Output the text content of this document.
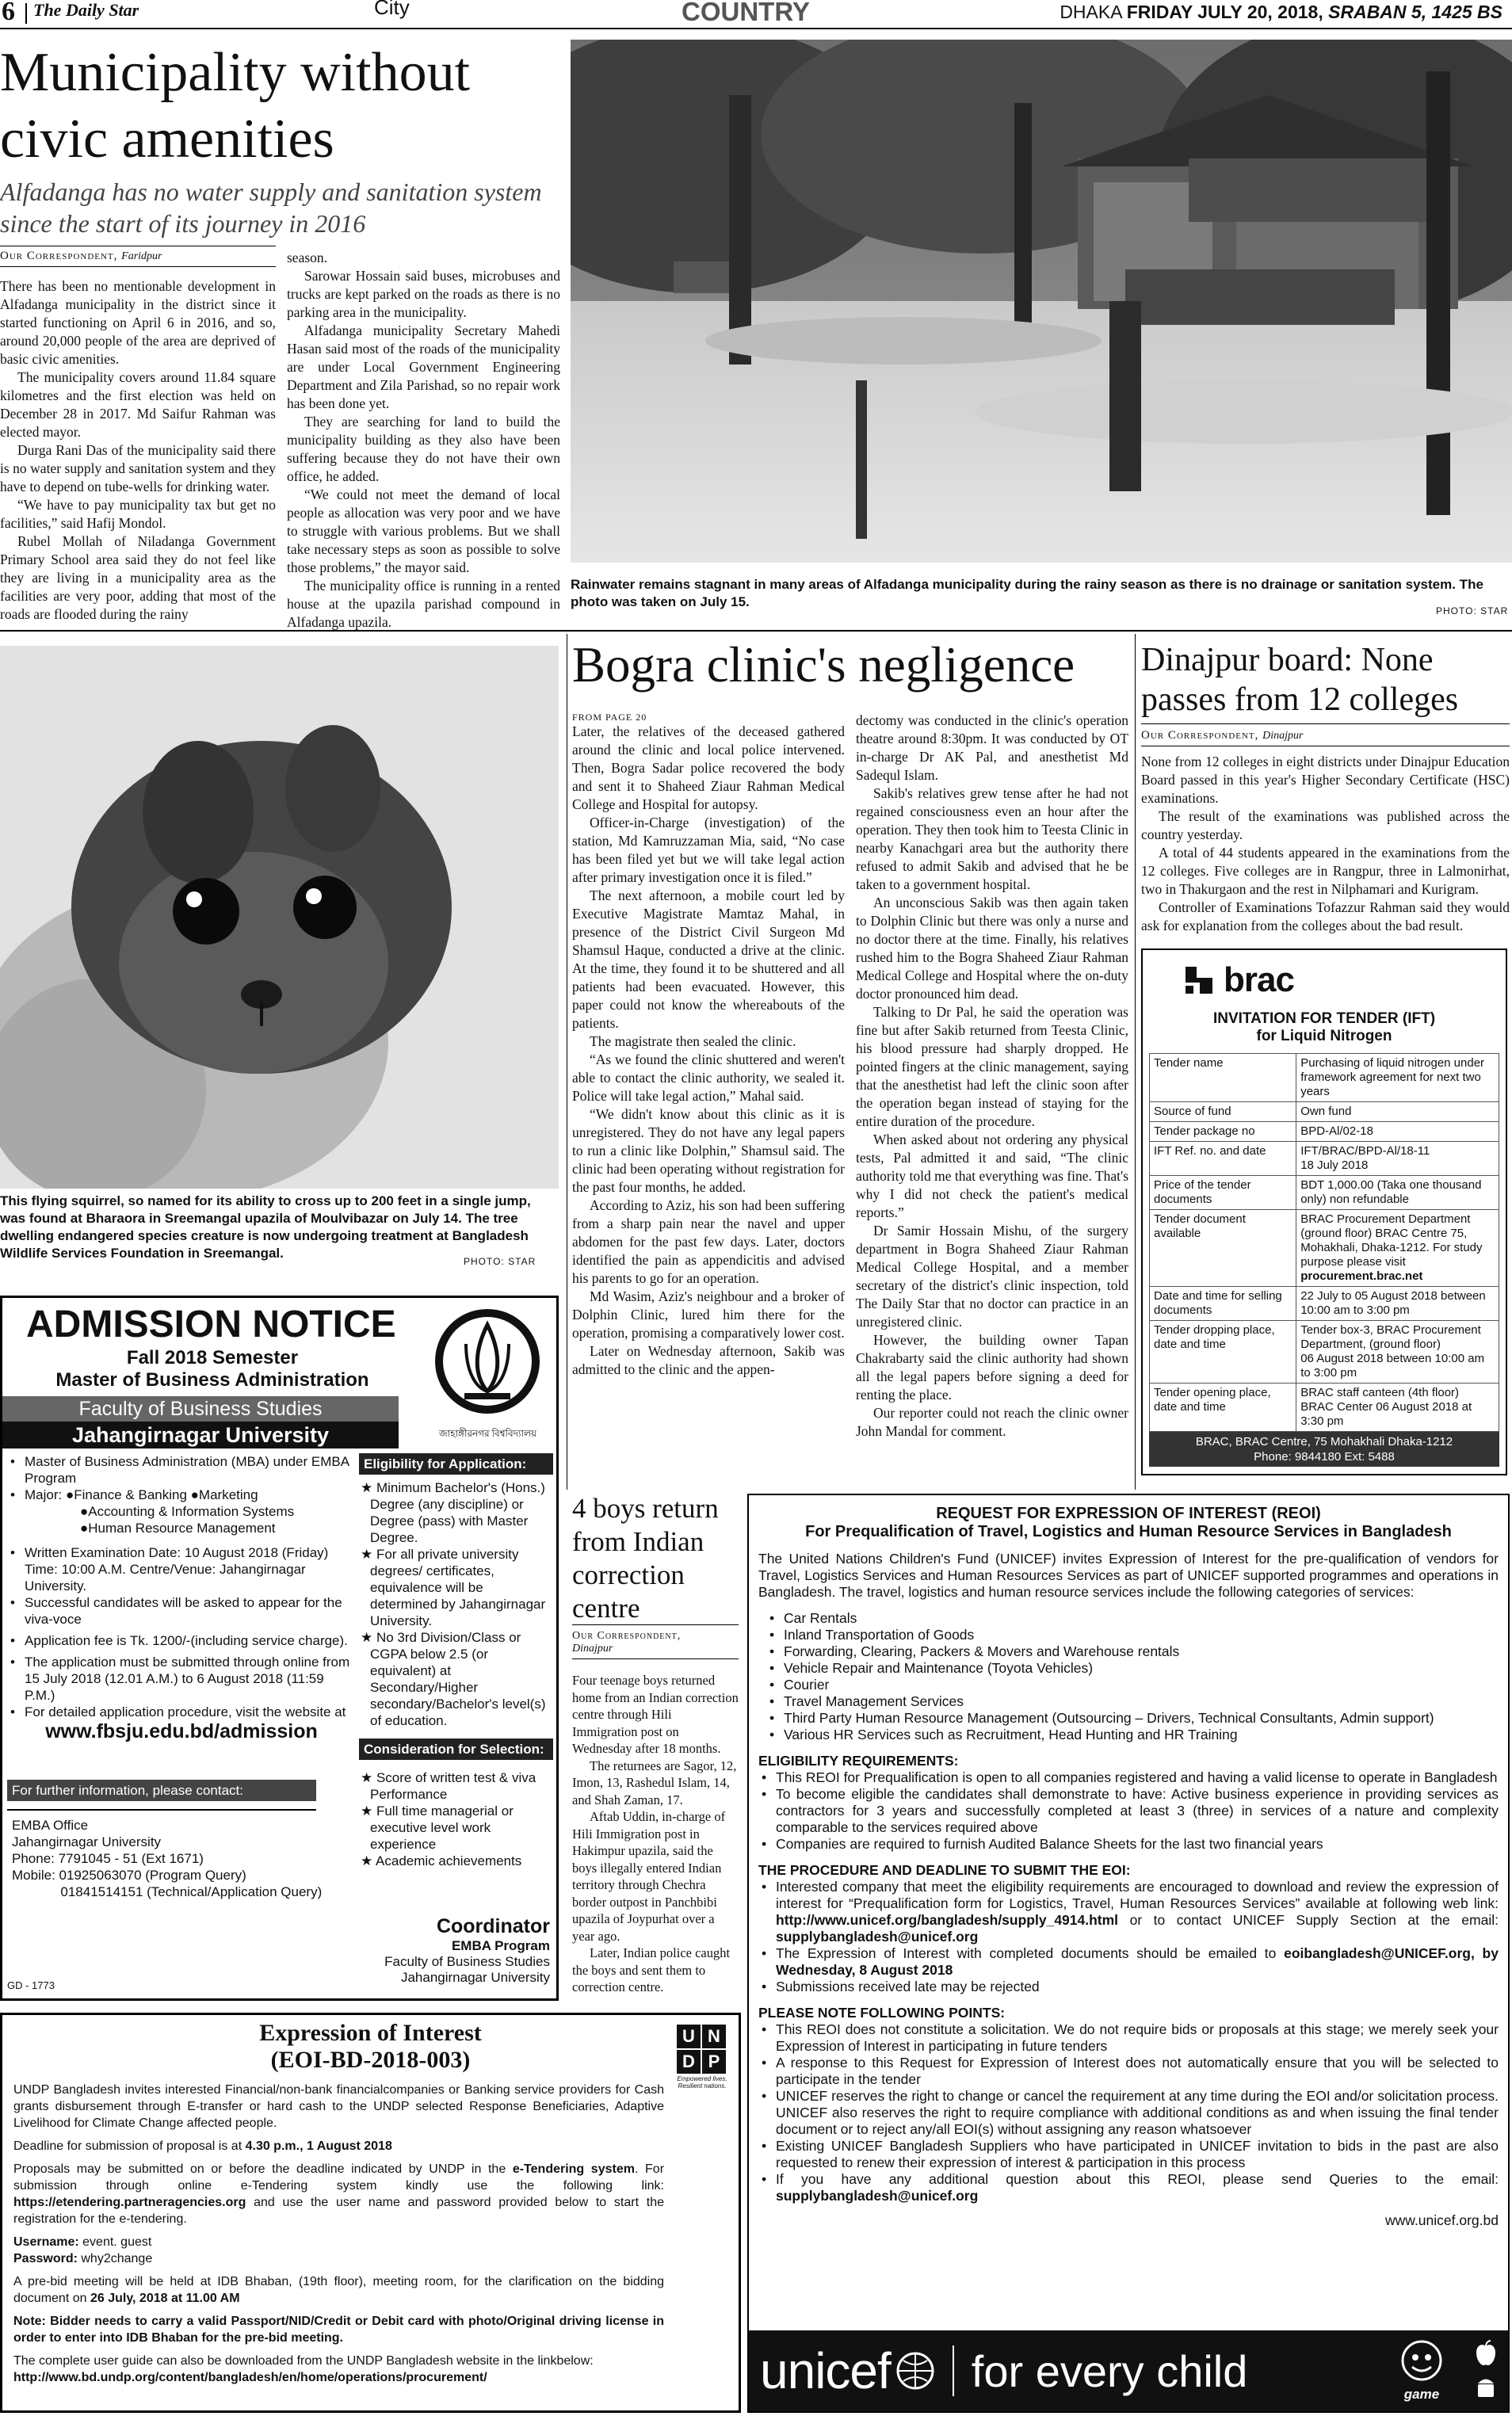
6 The Daily Star	City	COUNTRY	DHAKA FRIDAY JULY 20, 2018, SRABAN 5, 1425 BS
Municipality without civic amenities
Alfadanga has no water supply and sanitation system since the start of its journey in 2016
Our Correspondent, Faridpur

There has been no mentionable development in Alfadanga municipality in the district since it started functioning on April 6 in 2016, and so, around 20,000 people of the area are deprived of basic civic amenities.

The municipality covers around 11.84 square kilometres and the first election was held on December 28 in 2017. Md Saifur Rahman was elected mayor.

Durga Rani Das of the municipality said there is no water supply and sanitation system and they have to depend on tube-wells for drinking water.

“We have to pay municipality tax but get no facilities,” said Hafij Mondol.

Rubel Mollah of Niladanga Government Primary School area said they do not feel like they are living in a municipality area as the facilities are very poor, adding that most of the roads are flooded during the rainy

season.

Sarowar Hossain said buses, microbuses and trucks are kept parked on the roads as there is no parking area in the municipality.

Alfadanga municipality Secretary Mahedi Hasan said most of the roads of the municipality are under Local Government Engineering Department and Zila Parishad, so no repair work has been done yet.

They are searching for land to build the municipality building as they also have been suffering because they do not have their own office, he added.

“We could not meet the demand of local people as allocation was very poor and we have to struggle with various problems. But we shall take necessary steps as soon as possible to solve those problems,” the mayor said.

The municipality office is running in a rented house at the upazila parishad compound in Alfadanga upazila.

Rainwater remains stagnant in many areas of Alfadanga municipality during the rainy season as there is no drainage or sanitation system. The photo was taken on July 15.
PHOTO: STAR
This flying squirrel, so named for its ability to cross up to 200 feet in a single jump, was found at Bharaora in Sreemangal upazila of Moulvibazar on July 14. The tree dwelling endangered species creature is now undergoing treatment at Bangladesh Wildlife Services Foundation in Sreemangal.
PHOTO: STAR
Bogra clinic's negligence
FROM PAGE 20

Later, the relatives of the deceased gathered around the clinic and local police intervened. Then, Bogra Sadar police recovered the body and sent it to Shaheed Ziaur Rahman Medical College and Hospital for autopsy.

Officer-in-Charge (investigation) of the station, Md Kamruzzaman Mia, said, “No case has been filed yet but we will take legal action after primary investigation once it is filed.”

The next afternoon, a mobile court led by Executive Magistrate Mamtaz Mahal, in presence of the District Civil Surgeon Md Shamsul Haque, conducted a drive at the clinic. At the time, they found it to be shuttered and all patients had been evacuated. However, this paper could not know the whereabouts of the patients.

The magistrate then sealed the clinic.

“As we found the clinic shuttered and weren't able to contact the clinic authority, we sealed it. Police will take legal action,” Mahal said.

“We didn't know about this clinic as it is unregistered. They do not have any legal papers to run a clinic like Dolphin,” Shamsul said. The clinic had been operating without registration for the past four months, he added.

According to Aziz, his son had been suffering from a sharp pain near the navel and upper abdomen for the past few days. Later, doctors identified the pain as appendicitis and advised his parents to go for an operation.

Md Wasim, Aziz's neighbour and a broker of Dolphin Clinic, lured him there for the operation, promising a comparatively lower cost.

Later on Wednesday afternoon, Sakib was admitted to the clinic and the appen-

dectomy was conducted in the clinic's operation theatre around 8:30pm. It was conducted by OT in-charge Dr AK Pal, and anesthetist Md Sadequl Islam.

Sakib's relatives grew tense after he had not regained consciousness even an hour after the operation. They then took him to Teesta Clinic in nearby Kanachgari area but the authority there refused to admit Sakib and advised that he be taken to a government hospital.

An unconscious Sakib was then again taken to Dolphin Clinic but there was only a nurse and no doctor there at the time. Finally, his relatives rushed him to the Bogra Shaheed Ziaur Rahman Medical College and Hospital where the on-duty doctor pronounced him dead.

Talking to Dr Pal, he said the operation was fine but after Sakib returned from Teesta Clinic, his blood pressure had sharply dropped. He pointed fingers at the clinic management, saying that the anesthetist had left the clinic soon after the operation began instead of staying for the entire duration of the procedure.

When asked about not ordering any physical tests, Pal admitted it and said, “The clinic authority told me that everything was fine. That's why I did not check the patient's medical reports.”

Dr Samir Hossain Mishu, of the surgery department in Bogra Shaheed Ziaur Rahman Medical College Hospital, and a member secretary of the district's clinic inspection, told The Daily Star that no doctor can practice in an unregistered clinic.

However, the building owner Tapan Chakrabarty said the clinic authority had shown all the legal papers before signing a deed for renting the place.

Our reporter could not reach the clinic owner John Mandal for comment.

Dinajpur board: None passes from 12 colleges
Our Correspondent, Dinajpur

None from 12 colleges in eight districts under Dinajpur Education Board passed in this year's Higher Secondary Certificate (HSC) examinations.

The result of the examinations was published across the country yesterday.

A total of 44 students appeared in the examinations from the 12 colleges. Five colleges are in Rangpur, three in Lalmonirhat, two in Thakurgaon and the rest in Nilphamari and Kurigram.

Controller of Examinations Tofazzur Rahman said they would ask for explanation from the colleges about the bad result.

brac
INVITATION FOR TENDER (IFT)
for Liquid Nitrogen
Tender name	Purchasing of liquid nitrogen under framework agreement for next two years
Source of fund	Own fund
Tender package no	BPD-Al/02-18
IFT Ref. no. and date	IFT/BRAC/BPD-Al/18-11
18 July 2018
Price of the tender documents	BDT 1,000.00 (Taka one thousand only) non refundable
Tender document available	BRAC Procurement Department (ground floor) BRAC Centre 75, Mohakhali, Dhaka-1212. For study purpose please visit procurement.brac.net
Date and time for selling documents	22 July to 05 August 2018 between 10:00 am to 3:00 pm
Tender dropping place, date and time	Tender box-3, BRAC Procurement Department, (ground floor)
06 August 2018 between 10:00 am to 3:00 pm
Tender opening place, date and time	BRAC staff canteen (4th floor) BRAC Center 06 August 2018 at 3:30 pm
BRAC, BRAC Centre, 75 Mohakhali Dhaka-1212
Phone: 9844180 Ext: 5488
ADMISSION NOTICE
Fall 2018 Semester
Master of Business Administration
Faculty of Business Studies
Jahangirnagar University	জাহাঙ্গীরনগর বিশ্ববিদ্যালয়
• Master of Business Administration (MBA) under EMBA Program
• Major: ●Finance & Banking ●Marketing
●Accounting & Information Systems
●Human Resource Management
• Written Examination Date: 10 August 2018 (Friday)
Time: 10:00 A.M. Centre/Venue: Jahangirnagar University.
• Successful candidates will be asked to appear for the viva-voce
• Application fee is Tk. 1200/-(including service charge).
• The application must be submitted through online from 15 July 2018 (12.01 A.M.) to 6 August 2018 (11:59 P.M.)
• For detailed application procedure, visit the website at
www.fbsju.edu.bd/admission
For further information, please contact:
EMBA Office
Jahangirnagar University
Phone: 7791045 - 51 (Ext 1671)
Mobile: 01925063070 (Program Query)
01841514151 (Technical/Application Query)
GD - 1773
Eligibility for Application:
★ Minimum Bachelor's (Hons.) Degree (any discipline) or Degree (pass) with Master Degree.
★ For all private university degrees/ certificates, equivalence will be determined by Jahangirnagar University.
★ No 3rd Division/Class or CGPA below 2.5 (or equivalent) at Secondary/Higher secondary/Bachelor's level(s) of education.
Consideration for Selection:
★ Score of written test & viva Performance
★ Full time managerial or executive level work experience
★ Academic achievements
Coordinator
EMBA Program
Faculty of Business Studies
Jahangirnagar University
4 boys return from Indian correction centre
Our Correspondent,
Dinajpur

Four teenage boys returned home from an Indian correction centre through Hili Immigration post on Wednesday after 18 months.

The returnees are Sagor, 12, Imon, 13, Rashedul Islam, 14, and Shah Zaman, 17.

Aftab Uddin, in-charge of Hili Immigration post in Hakimpur upazila, said the boys illegally entered Indian territory through Chechra border outpost in Panchbibi upazila of Joypurhat over a year ago.

Later, Indian police caught the boys and sent them to correction centre.

REQUEST FOR EXPRESSION OF INTEREST (REOI)
For Prequalification of Travel, Logistics and Human Resource Services in Bangladesh
The United Nations Children's Fund (UNICEF) invites Expression of Interest for the pre-qualification of vendors for Travel, Logistics Services and Human Resources Services as part of UNICEF supported programmes and operations in Bangladesh. The travel, logistics and human resource services include the following categories of services:
• Car Rentals
• Inland Transportation of Goods
• Forwarding, Clearing, Packers & Movers and Warehouse rentals
• Vehicle Repair and Maintenance (Toyota Vehicles)
• Courier
• Travel Management Services
• Third Party Human Resource Management (Outsourcing – Drivers, Technical Consultants, Admin support)
• Various HR Services such as Recruitment, Head Hunting and HR Training
ELIGIBILITY REQUIREMENTS:
• This REOI for Prequalification is open to all companies registered and having a valid license to operate in Bangladesh
• To become eligible the candidates shall demonstrate to have: Active business experience in providing services as contractors for 3 years and successfully completed at least 3 (three) in services of a nature and complexity comparable to the services required above
• Companies are required to furnish Audited Balance Sheets for the last two financial years
THE PROCEDURE AND DEADLINE TO SUBMIT THE EOI:
• Interested company that meet the eligibility requirements are encouraged to download and review the expression of interest for “Prequalification form for Logistics, Travel, Human Resources Services” available at following web link: http://www.unicef.org/bangladesh/supply_4914.html or to contact UNICEF Supply Section at the email: supplybangladesh@unicef.org
• The Expression of Interest with completed documents should be emailed to eoibangladesh@UNICEF.org, by Wednesday, 8 August 2018
• Submissions received late may be rejected
PLEASE NOTE FOLLOWING POINTS:
• This REOI does not constitute a solicitation. We do not require bids or proposals at this stage; we merely seek your Expression of Interest in participating in future tenders
• A response to this Request for Expression of Interest does not automatically ensure that you will be selected to participate in the tender
• UNICEF reserves the right to change or cancel the requirement at any time during the EOI and/or solicitation process. UNICEF also reserves the right to require compliance with additional conditions as and when issuing the final tender document or to reject any/all EOI(s) without assigning any reason whatsoever
• Existing UNICEF Bangladesh Suppliers who have participated in UNICEF invitation to bids in the past are also requested to renew their expression of interest & participation in this process
• If you have any additional question about this REOI, please send Queries to the email: supplybangladesh@unicef.org
www.unicef.org.bd
unicef for every child	game
Expression of Interest
(EOI-BD-2018-003)
U N
D P
Empowered lives.
Resilient nations.

UNDP Bangladesh invites interested Financial/non-bank financialcompanies or Banking service providers for Cash grants disbursement through E-transfer or hard cash to the UNDP selected Response Beneficiaries, Adaptive Livelihood for Climate Change affected people.

Deadline for submission of proposal is at 4.30 p.m., 1 August 2018

Proposals may be submitted on or before the deadline indicated by UNDP in the e-Tendering system. For submission through online e-Tendering system kindly use the following link: https://etendering.partneragencies.org and use the user name and password provided below to start the registration for the e-tendering.

Username: event. guest

Password: why2change

A pre-bid meeting will be held at IDB Bhaban, (19th floor), meeting room, for the clarification on the bidding document on 26 July, 2018 at 11.00 AM

Note: Bidder needs to carry a valid Passport/NID/Credit or Debit card with photo/Original driving license in order to enter into IDB Bhaban for the pre-bid meeting.

The complete user guide can also be downloaded from the UNDP Bangladesh website in the linkbelow:

http://www.bd.undp.org/content/bangladesh/en/home/operations/procurement/
